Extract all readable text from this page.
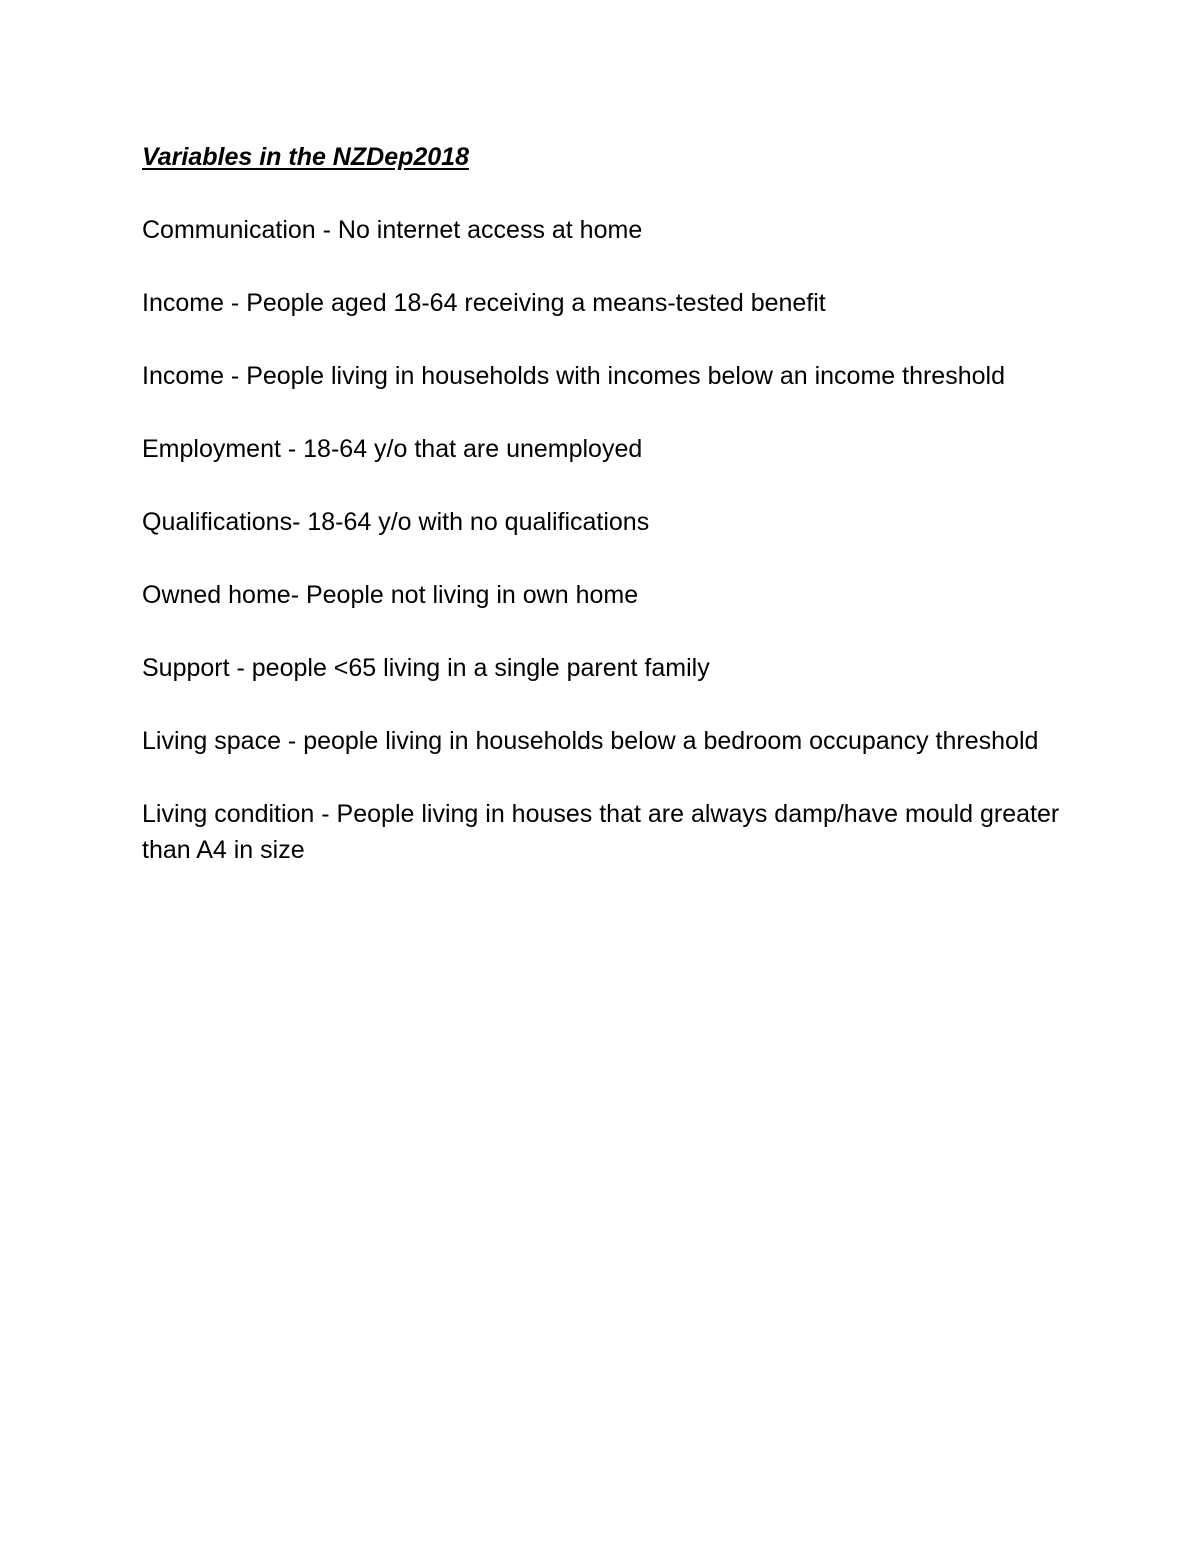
Variables in the NZDep2018
Communication - No internet access at home
Income - People aged 18-64 receiving a means-tested benefit
Income - People living in households with incomes below an income threshold
Employment - 18-64 y/o that are unemployed
Qualifications- 18-64 y/o with no qualifications
Owned home- People not living in own home
Support - people <65 living in a single parent family
Living space - people living in households below a bedroom occupancy threshold
Living condition - People living in houses that are always damp/have mould greater than A4 in size
